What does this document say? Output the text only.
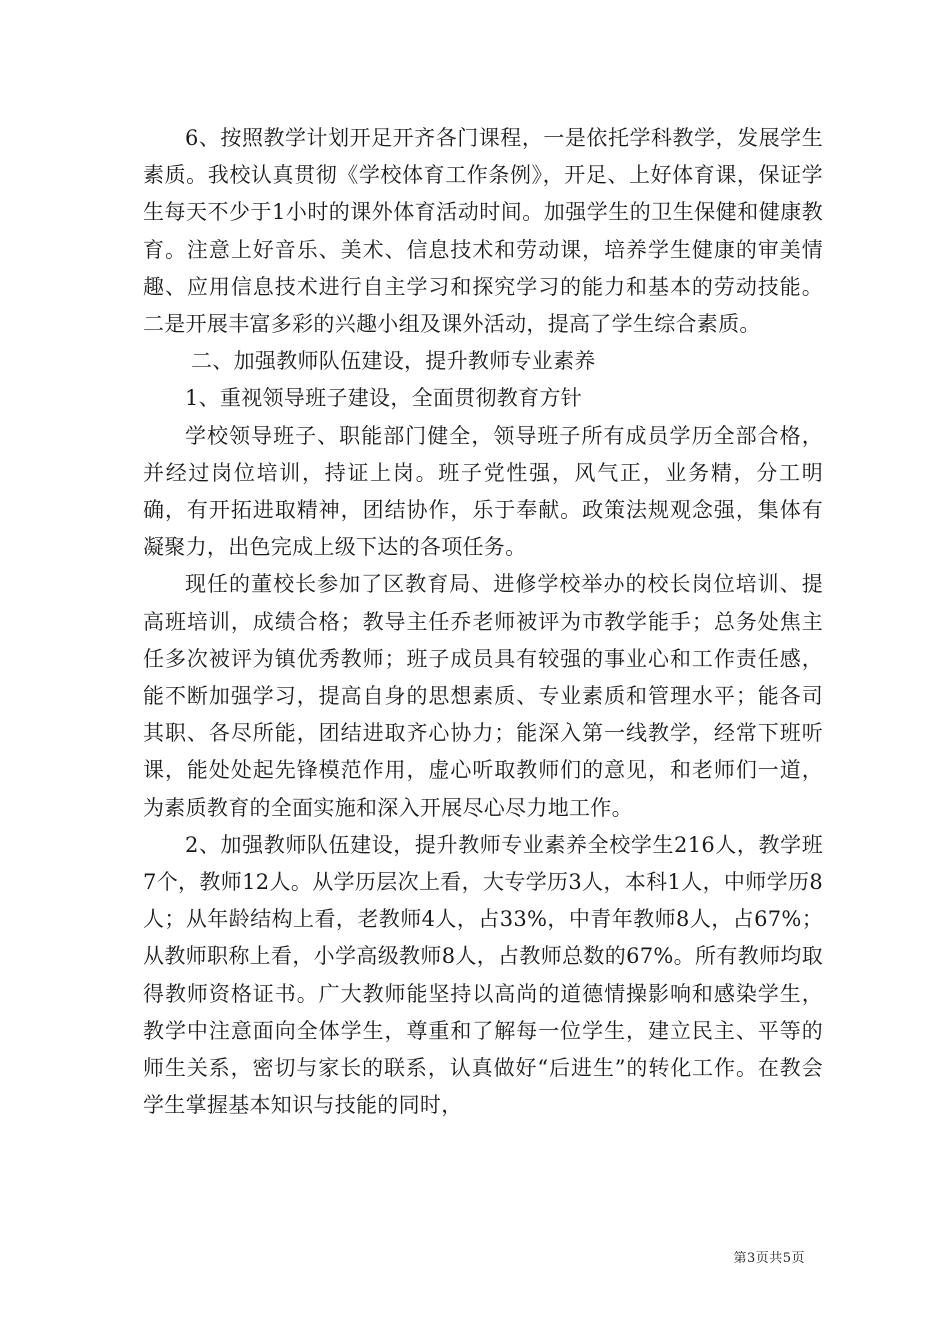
6、按照教学计划开足开齐各门课程，一是依托学科教学，发展学生素质。我校认真贯彻《学校体育工作条例》，开足、上好体育课，保证学生每天不少于1小时的课外体育活动时间。加强学生的卫生保健和健康教育。注意上好音乐、美术、信息技术和劳动课，培养学生健康的审美情趣、应用信息技术进行自主学习和探究学习的能力和基本的劳动技能。二是开展丰富多彩的兴趣小组及课外活动，提高了学生综合素质。

二、加强教师队伍建设，提升教师专业素养

1、重视领导班子建设，全面贯彻教育方针

学校领导班子、职能部门健全，领导班子所有成员学历全部合格，并经过岗位培训，持证上岗。班子党性强，风气正，业务精，分工明确，有开拓进取精神，团结协作，乐于奉献。政策法规观念强，集体有凝聚力，出色完成上级下达的各项任务。

现任的董校长参加了区教育局、进修学校举办的校长岗位培训、提高班培训，成绩合格；教导主任乔老师被评为市教学能手；总务处焦主任多次被评为镇优秀教师；班子成员具有较强的事业心和工作责任感，能不断加强学习，提高自身的思想素质、专业素质和管理水平；能各司其职、各尽所能，团结进取齐心协力；能深入第一线教学，经常下班听课，能处处起先锋模范作用，虚心听取教师们的意见，和老师们一道，为素质教育的全面实施和深入开展尽心尽力地工作。

2、加强教师队伍建设，提升教师专业素养全校学生216人，教学班7个，教师12人。从学历层次上看，大专学历3人，本科1人，中师学历8人；从年龄结构上看，老教师4人，占33%，中青年教师8人，占67%；从教师职称上看，小学高级教师8人，占教师总数的67%。所有教师均取得教师资格证书。广大教师能坚持以高尚的道德情操影响和感染学生，教学中注意面向全体学生，尊重和了解每一位学生，建立民主、平等的师生关系，密切与家长的联系，认真做好“后进生”的转化工作。在教会学生掌握基本知识与技能的同时，

第3页共5页
